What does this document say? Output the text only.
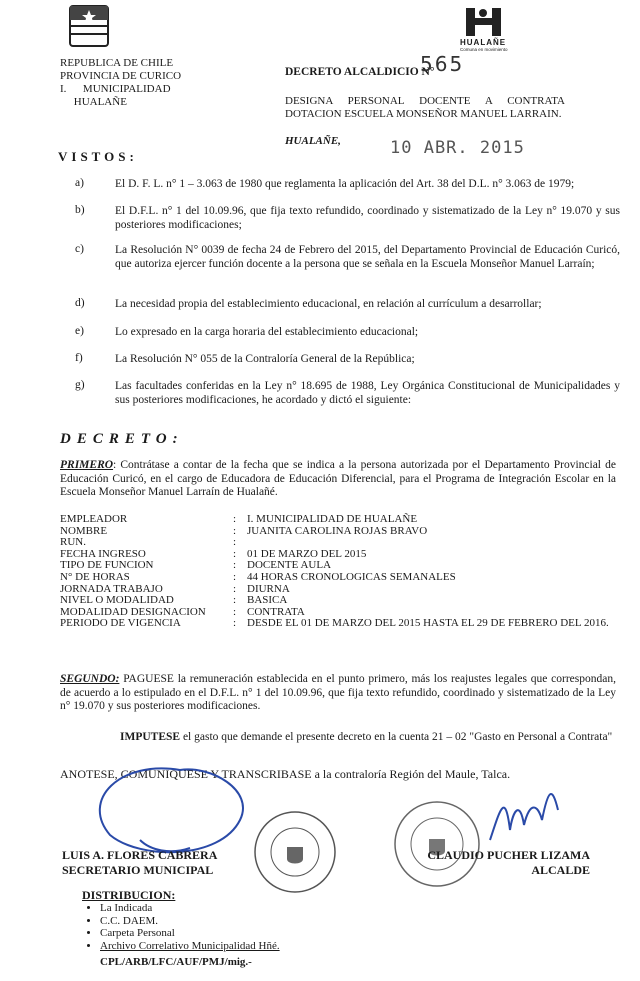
HUALAÑE
Comuna en movimiento
REPUBLICA DE CHILE
PROVINCIA DE CURICO
I.      MUNICIPALIDAD
HUALAÑE
DECRETO ALCALDICIO N°
565
DESIGNA PERSONAL DOCENTE A CONTRATA DOTACION ESCUELA MONSEÑOR MANUEL LARRAIN.
HUALAÑE,	10 ABR. 2015
VISTOS:
a)	El D. F. L. n° 1 – 3.063 de 1980 que reglamenta la aplicación del Art. 38 del D.L. n° 3.063 de 1979;
b)	El D.F.L. n° 1 del 10.09.96, que fija texto refundido, coordinado y sistematizado de la Ley n° 19.070 y sus posteriores modificaciones;
c)	La Resolución N° 0039 de fecha 24 de Febrero del 2015, del Departamento Provincial de Educación Curicó, que autoriza ejercer función docente a la persona que se señala en la Escuela Monseñor Manuel Larraín;
d)	La necesidad propia del establecimiento educacional, en relación al currículum a desarrollar;
e)	Lo expresado en la carga horaria del establecimiento educacional;
f)	La Resolución N° 055 de la Contraloría General de la República;
g)	Las facultades conferidas en la Ley n° 18.695 de 1988, Ley Orgánica Constitucional de Municipalidades y sus posteriores modificaciones, he acordado y dictó el siguiente:
DECRETO:
PRIMERO: Contrátase a contar de la fecha que se indica a la persona autorizada por el Departamento Provincial de Educación Curicó, en el cargo de Educadora de Educación Diferencial, para el Programa de Integración Escolar en la Escuela Monseñor Manuel Larraín de Hualañé.
EMPLEADOR	:	I. MUNICIPALIDAD DE HUALAÑE
NOMBRE	:	JUANITA CAROLINA ROJAS BRAVO
RUN.	:	
FECHA INGRESO	:	01 DE MARZO DEL 2015
TIPO DE FUNCION	:	DOCENTE AULA
N° DE HORAS	:	44 HORAS CRONOLOGICAS SEMANALES
JORNADA TRABAJO	:	DIURNA
NIVEL O MODALIDAD	:	BASICA
MODALIDAD DESIGNACION	:	CONTRATA
PERIODO DE VIGENCIA	:	DESDE EL 01 DE MARZO DEL 2015 HASTA EL 29 DE FEBRERO DEL 2016.
SEGUNDO: PAGUESE la remuneración establecida en el punto primero, más los reajustes legales que correspondan, de acuerdo a lo estipulado en el D.F.L. n° 1 del 10.09.96, que fija texto refundido, coordinado y sistematizado de la Ley n° 19.070 y sus posteriores modificaciones.
IMPUTESE el gasto que demande el presente decreto en la cuenta 21 – 02 "Gasto en Personal a Contrata"
ANOTESE, COMUNIQUESE Y TRANSCRIBASE a la contraloría Región del Maule, Talca.
LUIS A. FLORES CABRERA
SECRETARIO MUNICIPAL
CLAUDIO PUCHER LIZAMA
ALCALDE
DISTRIBUCION:
• La Indicada
• C.C. DAEM.
• Carpeta Personal
• Archivo Correlativo Municipalidad Hñé.
CPL/ARB/LFC/AUF/PMJ/mig.-
